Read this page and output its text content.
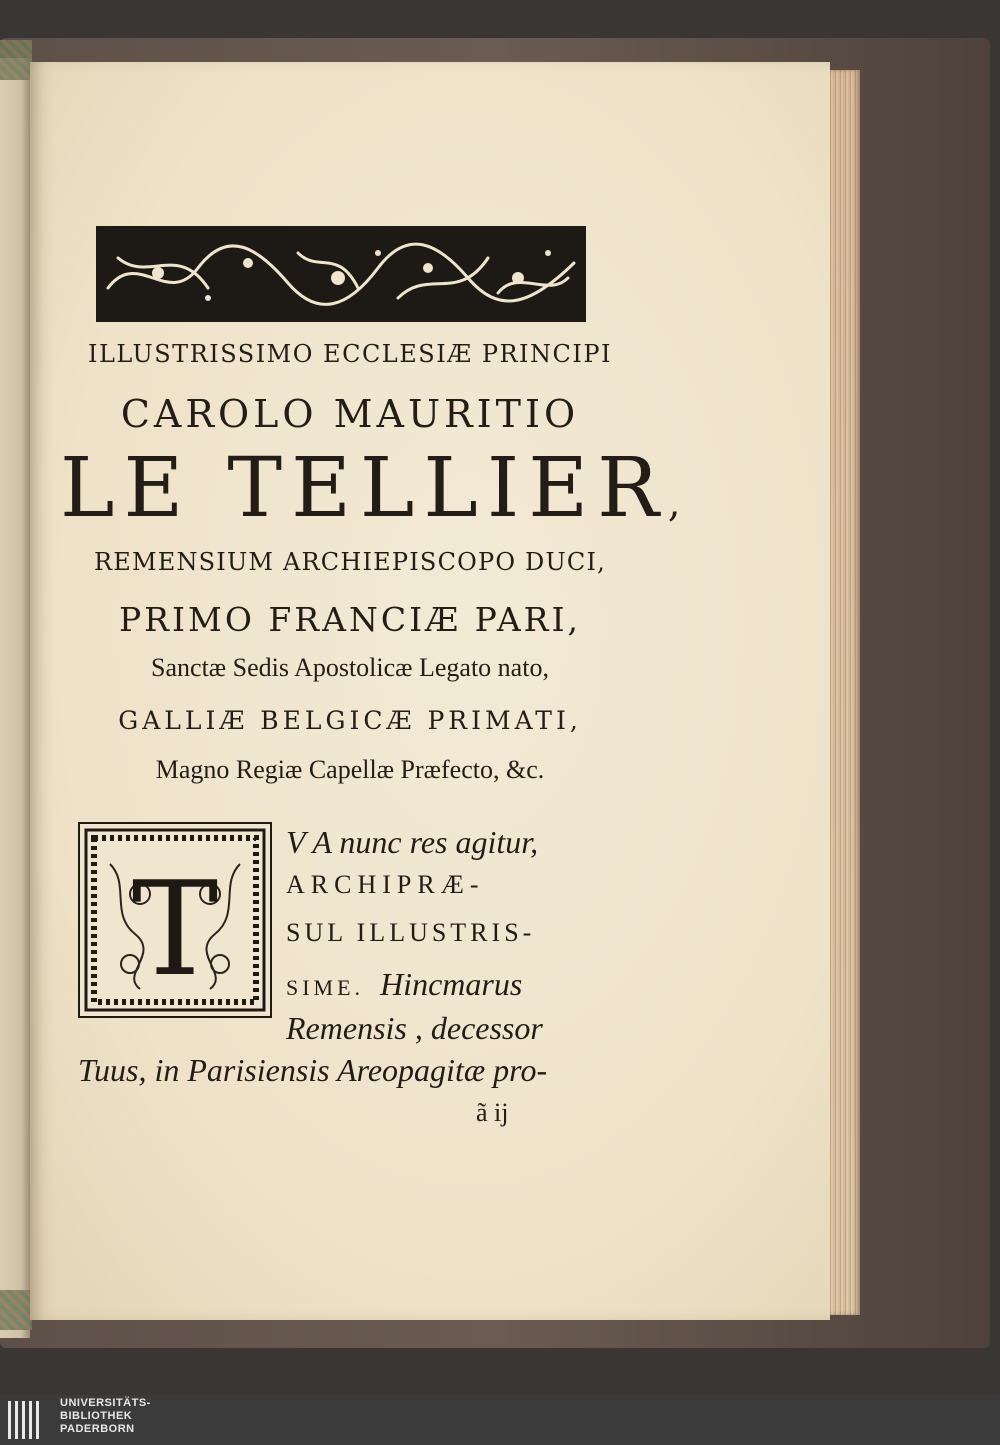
ILLUSTRISSIMO ECCLESIÆ PRINCIPI

CAROLO MAURITIO

LE TELLIER,

REMENSIUM ARCHIEPISCOPO DUCI,

PRIMO FRANCIÆ PARI,

Sanctæ Sedis Apostolicæ Legato nato,

GALLIÆ BELGICÆ PRIMATI,

Magno Regiæ Capellæ Præfecto, &c.

T
V A nunc res agitur,
ARCHIPRÆ-
SUL ILLUSTRIS-
SIME. Hincmarus
Remensis , decessor
Tuus, in Parisiensis Areopagitæ pro-
ã ij
UNIVERSITÄTS-
BIBLIOTHEK
PADERBORN
